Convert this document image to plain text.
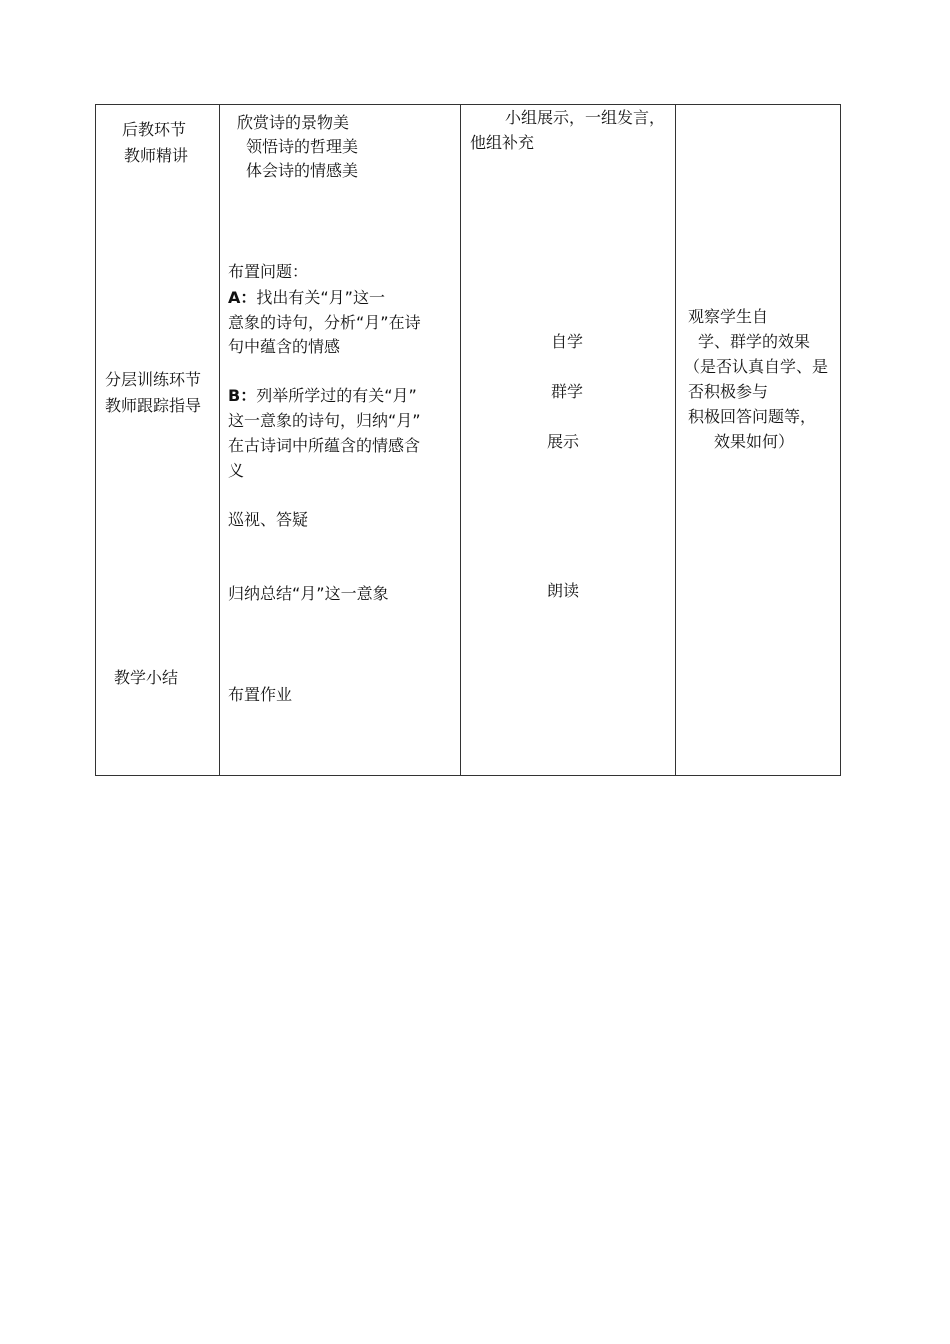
后教环节
教师精讲
分层训练环节
教师跟踪指导
教学小结
欣赏诗的景物美
领悟诗的哲理美
体会诗的情感美
布置问题：
A：找出有关“月”这一
意象的诗句，分析“月”在诗
句中蕴含的情感
B：列举所学过的有关“月”
这一意象的诗句，归纳“月”
在古诗词中所蕴含的情感含
义
巡视、答疑
归纳总结“月”这一意象
布置作业
小组展示，一组发言，
他组补充
自学
群学
展示
朗读
观察学生自
学、群学的效果
（是否认真自学、是
否积极参与
积极回答问题等，
效果如何）
